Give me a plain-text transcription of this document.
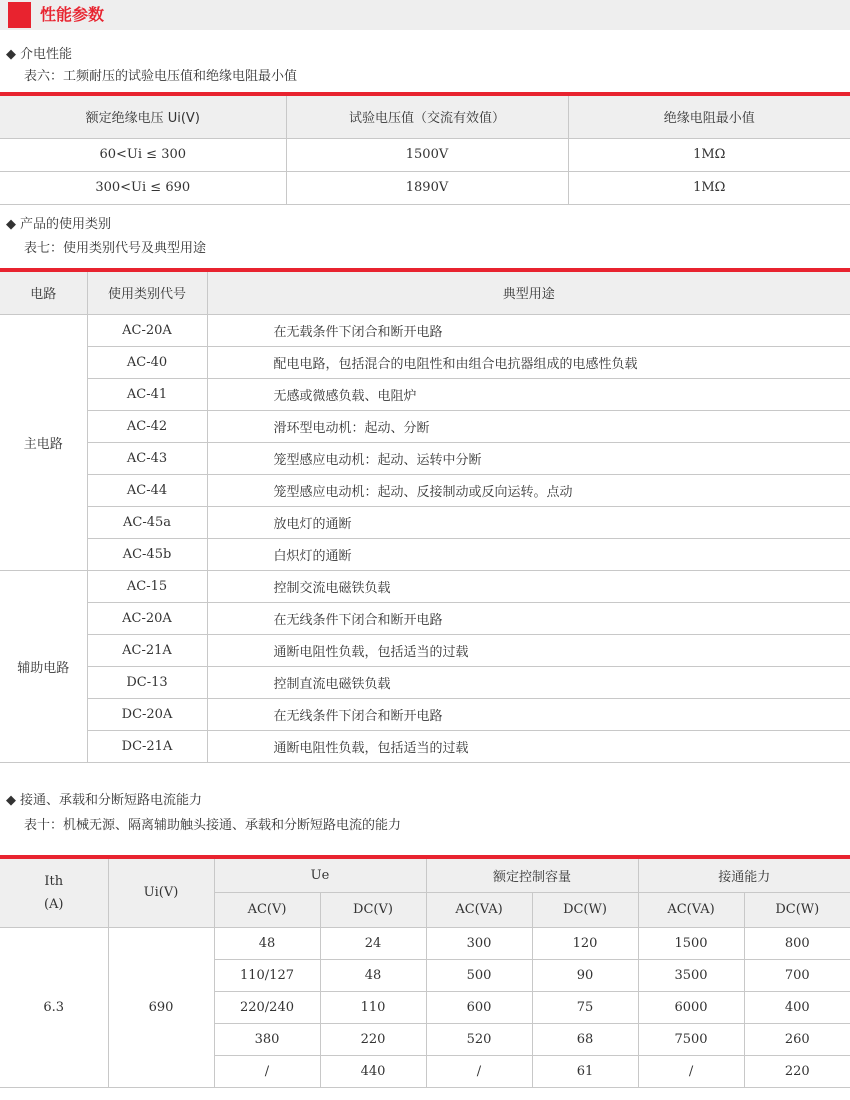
性能参数
◆ 介电性能
表六：工频耐压的试验电压值和绝缘电阻最小值
额定绝缘电压 Ui(V)	试验电压值（交流有效值）	绝缘电阻最小值
60<Ui ≤ 300	1500V	1MΩ
300<Ui ≤ 690	1890V	1MΩ
◆ 产品的使用类别
表七：使用类别代号及典型用途
电路	使用类别代号	典型用途
主电路	AC-20A	在无载条件下闭合和断开电路
	AC-40	配电电路，包括混合的电阻性和由组合电抗器组成的电感性负载
	AC-41	无感或微感负载、电阻炉
	AC-42	滑环型电动机：起动、分断
	AC-43	笼型感应电动机：起动、运转中分断
	AC-44	笼型感应电动机：起动、反接制动或反向运转。点动
	AC-45a	放电灯的通断
	AC-45b	白炽灯的通断
辅助电路	AC-15	控制交流电磁铁负载
	AC-20A	在无线条件下闭合和断开电路
	AC-21A	通断电阻性负载，包括适当的过载
	DC-13	控制直流电磁铁负载
	DC-20A	在无线条件下闭合和断开电路
	DC-21A	通断电阻性负载，包括适当的过载
◆ 接通、承载和分断短路电流能力
表十：机械无源、隔离辅助触头接通、承载和分断短路电流的能力
Ith
(A)	Ui(V)	Ue		额定控制容量		接通能力	
		AC(V)	DC(V)	AC(VA)	DC(W)	AC(VA)	DC(W)
6.3	690	48	24	300	120	1500	800
		110/127	48	500	90	3500	700
		220/240	110	600	75	6000	400
		380	220	520	68	7500	260
		/	440	/	61	/	220
